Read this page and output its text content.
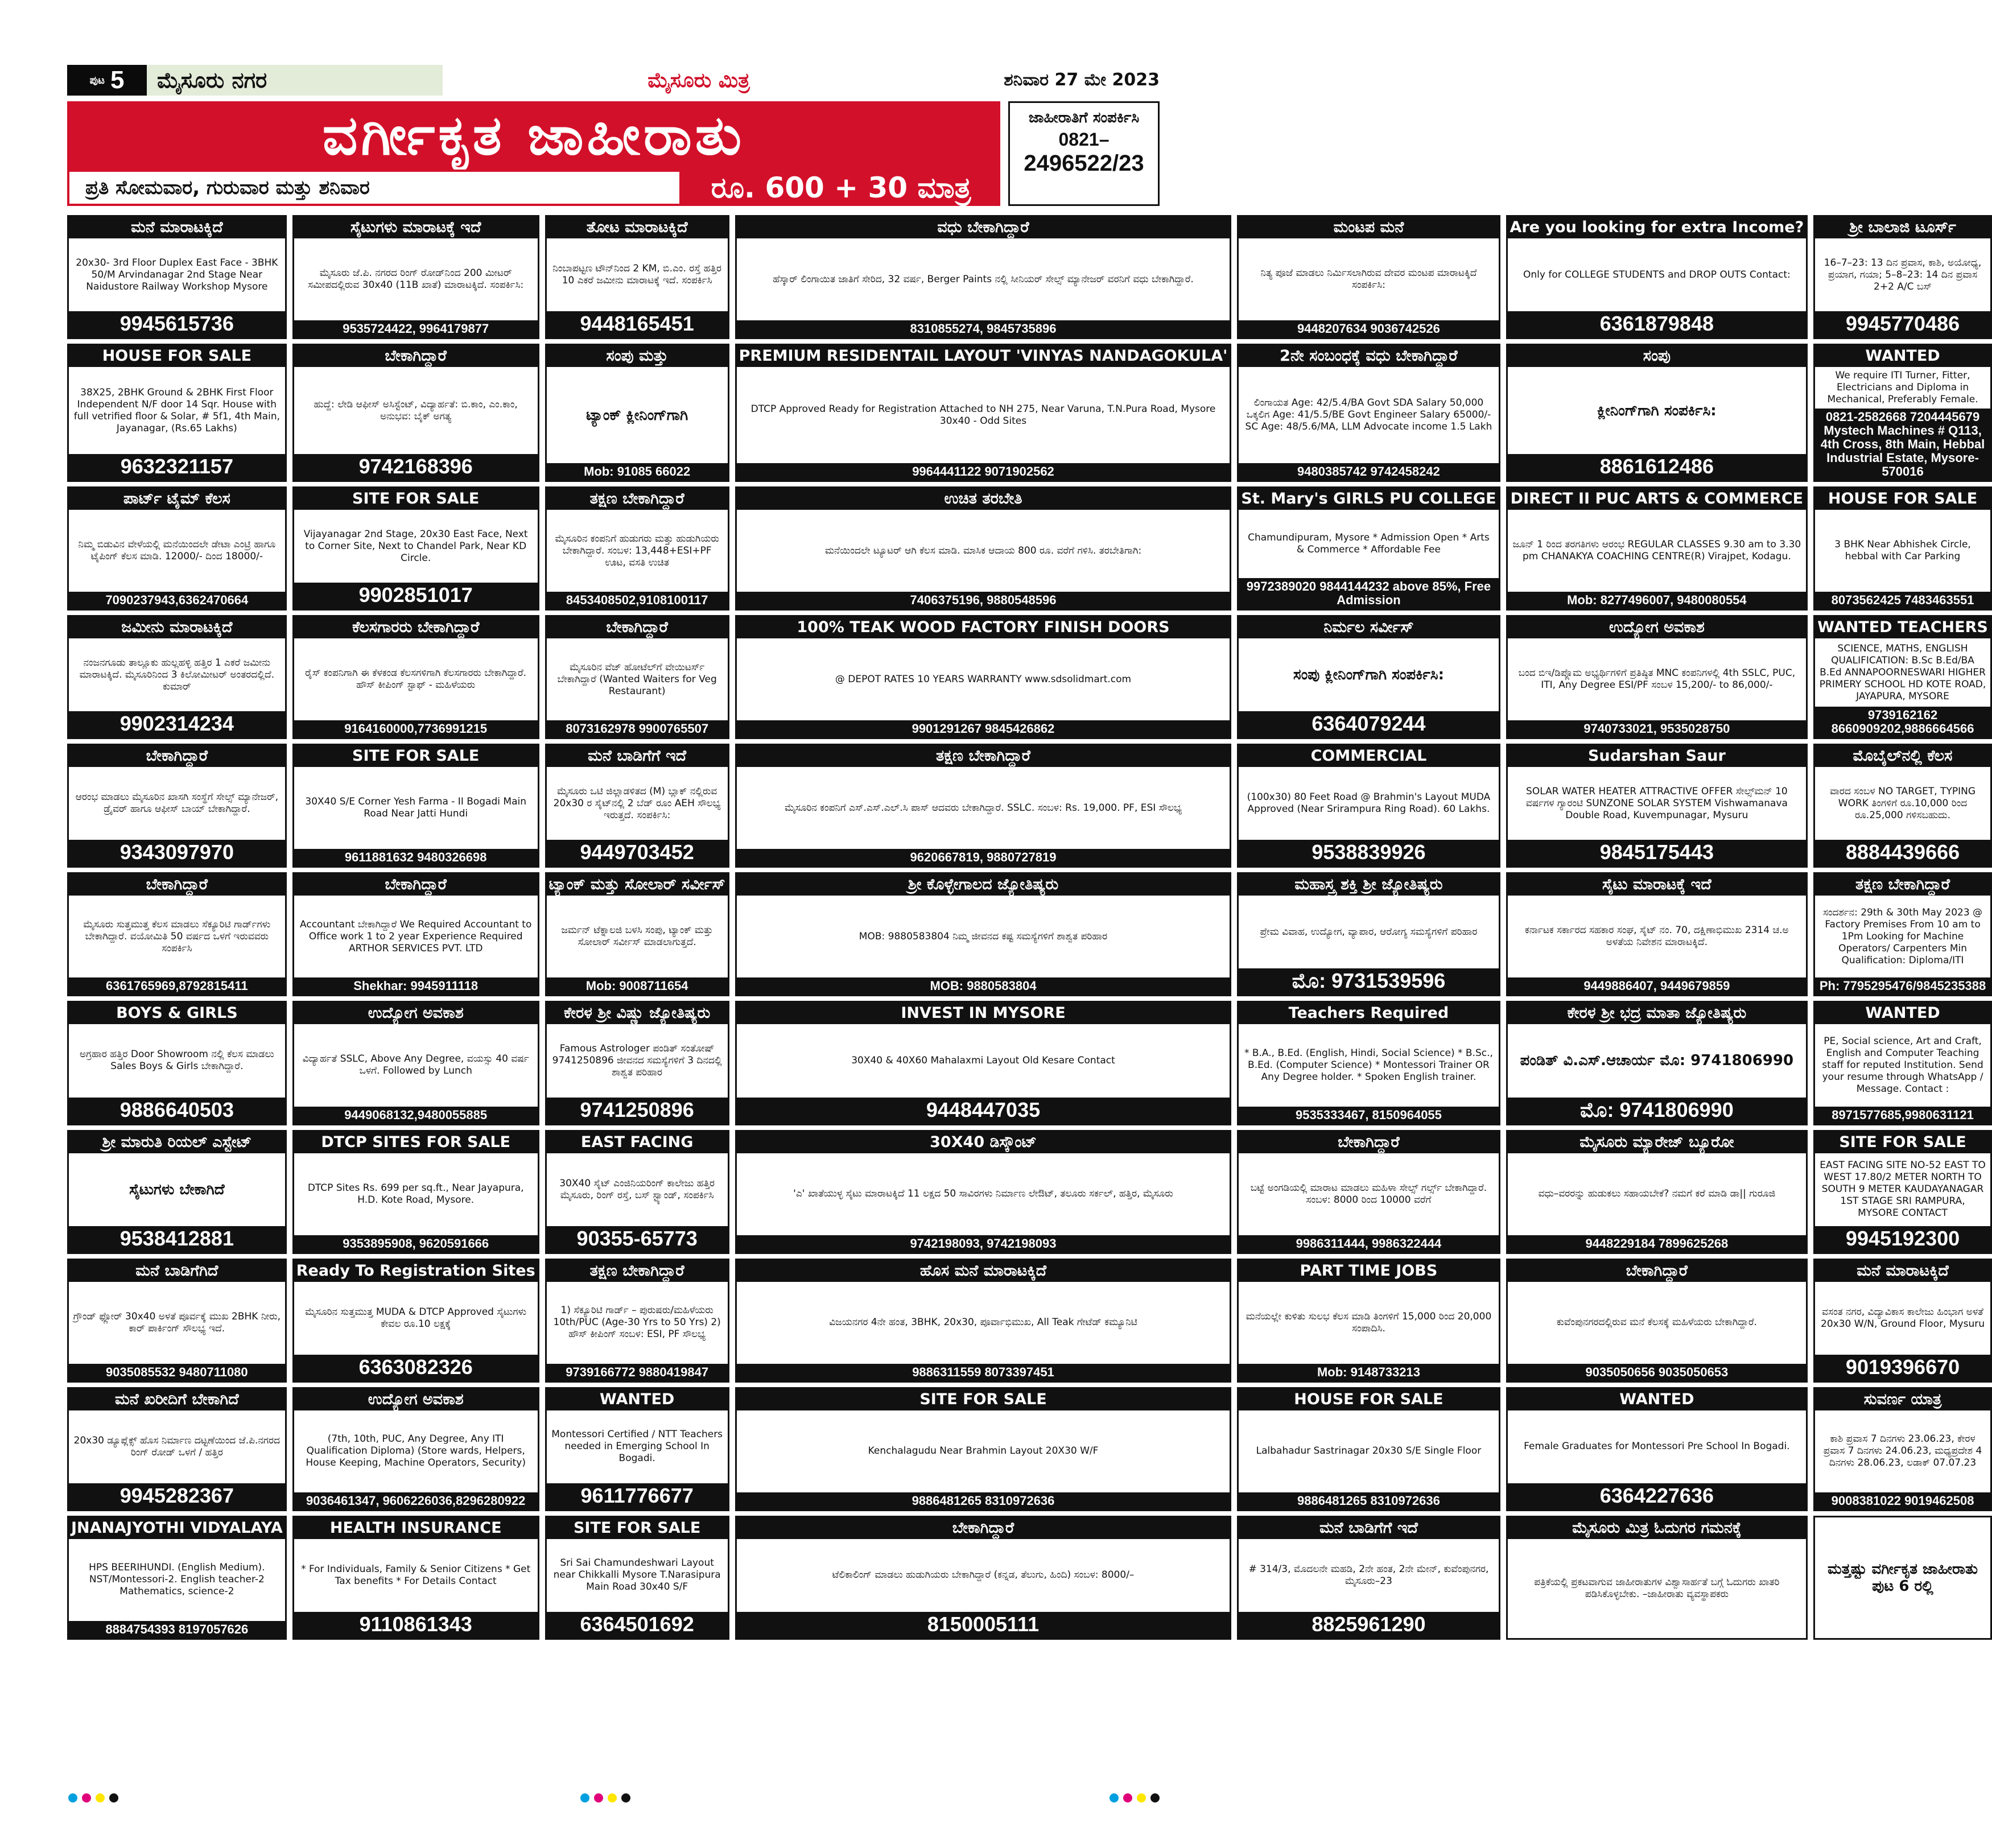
ಪುಟ 5	ಮೈಸೂರು ನಗರ	ಮೈಸೂರು ಮಿತ್ರ	ಶನಿವಾರ 27 ಮೇ 2023
ವರ್ಗೀಕೃತ ಜಾಹೀರಾತು
ಪ್ರತಿ ಸೋಮವಾರ, ಗುರುವಾರ ಮತ್ತು ಶನಿವಾರ	ರೂ. 600 + 30 ಮಾತ್ರ
ಜಾಹೀರಾತಿಗೆ ಸಂಪರ್ಕಿಸಿ
0821–
2496522/23
ಮನೆ ಮಾರಾಟಕ್ಕಿದೆ
20x30- 3rd Floor Duplex East Face - 3BHK 50/M Arvindanagar 2nd Stage Near Naidustore Railway Workshop Mysore
9945615736
ಸೈಟುಗಳು ಮಾರಾಟಕ್ಕೆ ಇದೆ
ಮೈಸೂರು ಜೆ.ಪಿ. ನಗರದ ರಿಂಗ್ ರೋಡ್‌ನಿಂದ 200 ಮೀಟರ್ ಸಮೀಪದಲ್ಲಿರುವ 30x40 (11B ಖಾತೆ) ಮಾರಾಟಕ್ಕಿದೆ. ಸಂಪರ್ಕಿಸಿ:
9535724422, 9964179877
ತೋಟ ಮಾರಾಟಕ್ಕಿದೆ
ನಿಂಬಾಪಟ್ಟಣ ಟೌನ್‌ನಿಂದ 2 KM, ಬಿ.ಎಂ. ರಸ್ತೆ ಹತ್ತಿರ 10 ಎಕರೆ ಜಮೀನು ಮಾರಾಟಕ್ಕೆ ಇದೆ. ಸಂಪರ್ಕಿಸಿ
9448165451
ವಧು ಬೇಕಾಗಿದ್ದಾರೆ
ಹೆಸ್ಕಾರ್ ಲಿಂಗಾಯಿತ ಜಾತಿಗೆ ಸೇರಿದ, 32 ವರ್ಷ, Berger Paints ನಲ್ಲಿ ಸೀನಿಯರ್ ಸೇಲ್ಸ್ ಮ್ಯಾನೇಜರ್ ವರನಿಗೆ ವಧು ಬೇಕಾಗಿದ್ದಾರೆ.
8310855274, 9845735896
ಮಂಟಪ ಮನೆ
ನಿತ್ಯ ಪೂಜೆ ಮಾಡಲು ನಿರ್ಮಿಸಲಾಗಿರುವ ದೇವರ ಮಂಟಪ ಮಾರಾಟಕ್ಕಿದೆ ಸಂಪರ್ಕಿಸಿ:
9448207634 9036742526
Are you looking for extra Income?
Only for COLLEGE STUDENTS and DROP OUTS Contact:
6361879848
ಶ್ರೀ ಬಾಲಾಜಿ ಟೂರ್ಸ್
16–7–23: 13 ದಿನ ಪ್ರವಾಸ, ಕಾಶಿ, ಅಯೋಧ್ಯ, ಪ್ರಯಾಗ, ಗಯಾ; 5–8–23: 14 ದಿನ ಪ್ರವಾಸ 2+2 A/C ಬಸ್
9945770486
HOUSE FOR SALE
38X25, 2BHK Ground & 2BHK First Floor Independent N/F door 14 Sqr. House with full vetrified floor & Solar, # 5f1, 4th Main, Jayanagar, (Rs.65 Lakhs)
9632321157
ಬೇಕಾಗಿದ್ದಾರೆ
ಹುದ್ದೆ: ಲೇಡಿ ಆಫೀಸ್ ಅಸಿಸ್ಟೆಂಟ್, ವಿದ್ಯಾರ್ಹತೆ: ಬಿ.ಕಾಂ, ಎಂ.ಕಾಂ, ಅನುಭವ: ಬೈಕ್ ಅಗತ್ಯ
9742168396
ಸಂಪು ಮತ್ತು
ಟ್ಯಾಂಕ್ ಕ್ಲೀನಿಂಗ್‌ಗಾಗಿ
Mob: 91085 66022
PREMIUM RESIDENTAIL LAYOUT 'VINYAS NANDAGOKULA'
DTCP Approved Ready for Registration Attached to NH 275, Near Varuna, T.N.Pura Road, Mysore 30x40 - Odd Sites
9964441122 9071902562
2ನೇ ಸಂಬಂಧಕ್ಕೆ ವಧು ಬೇಕಾಗಿದ್ದಾರೆ
ಲಿಂಗಾಯತ Age: 42/5.4/BA Govt SDA Salary 50,000 ಒಕ್ಕಲಿಗ Age: 41/5.5/BE Govt Engineer Salary 65000/- SC Age: 48/5.6/MA, LLM Advocate income 1.5 Lakh
9480385742 9742458242
ಸಂಪು
ಕ್ಲೀನಿಂಗ್‌ಗಾಗಿ ಸಂಪರ್ಕಿಸಿ:
8861612486
WANTED
We require ITI Turner, Fitter, Electricians and Diploma in Mechanical, Preferably Female.
0821-2582668 7204445679 Mystech Machines # Q113, 4th Cross, 8th Main, Hebbal Industrial Estate, Mysore-570016
ಪಾರ್ಟ್ ಟೈಮ್ ಕೆಲಸ
ನಿಮ್ಮ ಬಿಡುವಿನ ವೇಳೆಯಲ್ಲಿ ಮನೆಯಿಂದಲೇ ಡೇಟಾ ಎಂಟ್ರಿ ಹಾಗೂ ಟೈಪಿಂಗ್ ಕೆಲಸ ಮಾಡಿ. 12000/- ದಿಂದ 18000/-
7090237943,6362470664
SITE FOR SALE
Vijayanagar 2nd Stage, 20x30 East Face, Next to Corner Site, Next to Chandel Park, Near KD Circle.
9902851017
ತಕ್ಷಣ ಬೇಕಾಗಿದ್ದಾರೆ
ಮೈಸೂರಿನ ಕಂಪನಿಗೆ ಹುಡುಗರು ಮತ್ತು ಹುಡುಗಿಯರು ಬೇಕಾಗಿದ್ದಾರೆ. ಸಂಬಳ: 13,448+ESI+PF ಊಟ, ವಸತಿ ಉಚಿತ
8453408502,9108100117
ಉಚಿತ ತರಬೇತಿ
ಮನೆಯಿಂದಲೇ ಟ್ಯೂಟರ್ ಆಗಿ ಕೆಲಸ ಮಾಡಿ. ಮಾಸಿಕ ಆದಾಯ 800 ರೂ. ವರೆಗೆ ಗಳಿಸಿ. ತರಬೇತಿಗಾಗಿ:
7406375196, 9880548596
St. Mary's GIRLS PU COLLEGE
Chamundipuram, Mysore * Admission Open * Arts & Commerce * Affordable Fee
9972389020 9844144232 above 85%, Free Admission
DIRECT II PUC ARTS & COMMERCE
ಜೂನ್ 1 ರಿಂದ ತರಗತಿಗಳು ಆರಂಭ REGULAR CLASSES 9.30 am to 3.30 pm CHANAKYA COACHING CENTRE(R) Virajpet, Kodagu.
Mob: 8277496007, 9480080554
HOUSE FOR SALE
3 BHK Near Abhishek Circle, hebbal with Car Parking
8073562425 7483463551
ಜಮೀನು ಮಾರಾಟಕ್ಕಿದೆ
ನಂಜನಗೂಡು ತಾಲ್ಲೂಕು ಹುಲ್ಲಹಳ್ಳಿ ಹತ್ತಿರ 1 ಎಕರೆ ಜಮೀನು ಮಾರಾಟಕ್ಕಿದೆ. ಮೈಸೂರಿನಿಂದ 3 ಕಿಲೋಮೀಟರ್ ಅಂತರದಲ್ಲಿದೆ. ಕುಮಾರ್
9902314234
ಕೆಲಸಗಾರರು ಬೇಕಾಗಿದ್ದಾರೆ
ರೈಸ್ ಕಂಪನಿಗಾಗಿ ಈ ಕೆಳಕಂಡ ಕೆಲಸಗಳಿಗಾಗಿ ಕೆಲಸಗಾರರು ಬೇಕಾಗಿದ್ದಾರೆ. ಹೌಸ್ ಕೀಪಿಂಗ್ ಸ್ಟಾಫ್ - ಮಹಿಳೆಯರು
9164160000,7736991215
ಬೇಕಾಗಿದ್ದಾರೆ
ಮೈಸೂರಿನ ವೆಜ್ ಹೋಟೆಲ್‌ಗೆ ವೇಯಿಟರ್ಸ್ ಬೇಕಾಗಿದ್ದಾರೆ (Wanted Waiters for Veg Restaurant)
8073162978 9900765507
100% TEAK WOOD FACTORY FINISH DOORS
@ DEPOT RATES 10 YEARS WARRANTY www.sdsolidmart.com
9901291267 9845426862
ನಿರ್ಮಲ ಸರ್ವೀಸ್
ಸಂಪು ಕ್ಲೀನಿಂಗ್‌ಗಾಗಿ ಸಂಪರ್ಕಿಸಿ:
6364079244
ಉದ್ಯೋಗ ಅವಕಾಶ
ಬಂದ ಬಿಇ/ಡಿಪ್ಲೊಮ ಅಭ್ಯರ್ಥಿಗಳಿಗೆ ಪ್ರತಿಷ್ಠಿತ MNC ಕಂಪನಿಗಳಲ್ಲಿ 4th SSLC, PUC, ITI, Any Degree ESI/PF ಸಂಬಳ 15,200/- to 86,000/-
9740733021, 9535028750
WANTED TEACHERS
SCIENCE, MATHS, ENGLISH QUALIFICATION: B.Sc B.Ed/BA B.Ed ANNAPOORNESWARI HIGHER PRIMERY SCHOOL HD KOTE ROAD, JAYAPURA, MYSORE
9739162162 8660909202,9886664566
ಬೇಕಾಗಿದ್ದಾರೆ
ಆರಂಭ ಮಾಡಲು ಮೈಸೂರಿನ ಖಾಸಗಿ ಸಂಸ್ಥೆಗೆ ಸೇಲ್ಸ್ ಮ್ಯಾನೇಜರ್, ಡ್ರೈವರ್ ಹಾಗೂ ಆಫೀಸ್ ಬಾಯ್ ಬೇಕಾಗಿದ್ದಾರೆ.
9343097970
SITE FOR SALE
30X40 S/E Corner Yesh Farma - II Bogadi Main Road Near Jatti Hundi
9611881632 9480326698
ಮನೆ ಬಾಡಿಗೆಗೆ ಇದೆ
ಮೈಸೂರು ಒಟಿ ಜಿಲ್ಲಾಡಳಿತದ (M) ಬ್ಲಾಕ್ ನಲ್ಲಿರುವ 20x30 ರ ಸೈಟ್‌ನಲ್ಲಿ 2 ಬೆಡ್ ರೂಂ AEH ಸೌಲಭ್ಯ ಇರುತ್ತದೆ. ಸಂಪರ್ಕಿಸಿ:
9449703452
ತಕ್ಷಣ ಬೇಕಾಗಿದ್ದಾರೆ
ಮೈಸೂರಿನ ಕಂಪನಿಗೆ ಎಸ್.ಎಸ್.ಎಲ್.ಸಿ ಪಾಸ್ ಆದವರು ಬೇಕಾಗಿದ್ದಾರೆ. SSLC. ಸಂಬಳ: Rs. 19,000. PF, ESI ಸೌಲಭ್ಯ
9620667819, 9880727819
COMMERCIAL
(100x30) 80 Feet Road @ Brahmin's Layout MUDA Approved (Near Srirampura Ring Road). 60 Lakhs.
9538839926
Sudarshan Saur
SOLAR WATER HEATER ATTRACTIVE OFFER ಸೇಲ್ಸ್‌ಮನ್ 10 ವರ್ಷಗಳ ಗ್ಯಾರಂಟಿ SUNZONE SOLAR SYSTEM Vishwamanava Double Road, Kuvempunagar, Mysuru
9845175443
ಮೊಬೈಲ್‌ನಲ್ಲಿ ಕೆಲಸ
ವಾರದ ಸಂಬಳ NO TARGET, TYPING WORK ತಿಂಗಳಿಗೆ ರೂ.10,000 ರಿಂದ ರೂ.25,000 ಗಳಿಸಬಹುದು.
8884439666
ಬೇಕಾಗಿದ್ದಾರೆ
ಮೈಸೂರು ಸುತ್ತಮುತ್ತ ಕೆಲಸ ಮಾಡಲು ಸೆಕ್ಯೂರಿಟಿ ಗಾರ್ಡ್‌ಗಳು ಬೇಕಾಗಿದ್ದಾರೆ. ವಯೋಮಿತಿ 50 ವರ್ಷದ ಒಳಗೆ ಇರುವವರು ಸಂಪರ್ಕಿಸಿ
6361765969,8792815411
ಬೇಕಾಗಿದ್ದಾರೆ
Accountant ಬೇಕಾಗಿದ್ದಾರೆ We Required Accountant to Office work 1 to 2 year Experience Required ARTHOR SERVICES PVT. LTD
Shekhar: 9945911118
ಟ್ಯಾಂಕ್ ಮತ್ತು ಸೋಲಾರ್ ಸರ್ವೀಸ್
ಜರ್ಮನ್ ಟೆಕ್ನಾಲಜಿ ಬಳಸಿ ಸಂಪು, ಟ್ಯಾಂಕ್ ಮತ್ತು ಸೋಲಾರ್ ಸರ್ವೀಸ್ ಮಾಡಲಾಗುತ್ತದೆ.
Mob: 9008711654
ಶ್ರೀ ಕೊಳ್ಳೇಗಾಲದ ಜ್ಯೋತಿಷ್ಯರು
MOB: 9880583804 ನಿಮ್ಮ ಜೀವನದ ಕಷ್ಟ ಸಮಸ್ಯೆಗಳಿಗೆ ಶಾಶ್ವತ ಪರಿಹಾರ
MOB: 9880583804
ಮಹಾಸ್ತ್ರ ಶಕ್ತಿ ಶ್ರೀ ಜ್ಯೋತಿಷ್ಯರು
ಪ್ರೇಮ ವಿವಾಹ, ಉದ್ಯೋಗ, ವ್ಯಾಪಾರ, ಆರೋಗ್ಯ ಸಮಸ್ಯೆಗಳಿಗೆ ಪರಿಹಾರ
ಮೊ: 9731539596
ಸೈಟು ಮಾರಾಟಕ್ಕೆ ಇದೆ
ಕರ್ನಾಟಕ ಸರ್ಕಾರದ ಸಹಕಾರ ಸಂಘ, ಸೈಟ್ ನಂ. 70, ದಕ್ಷಿಣಾಭಿಮುಖ 2314 ಚ.ಅ ಅಳತೆಯ ನಿವೇಶನ ಮಾರಾಟಕ್ಕಿದೆ.
9449886407, 9449679859
ತಕ್ಷಣ ಬೇಕಾಗಿದ್ದಾರೆ
ಸಂದರ್ಶನ: 29th & 30th May 2023 @ Factory Premises From 10 am to 1Pm Looking for Machine Operators/ Carpenters Min Qualification: Diploma/ITI
Ph: 7795295476/9845235388
BOYS & GIRLS
ಅಗ್ರಹಾರ ಹತ್ತಿರ Door Showroom ನಲ್ಲಿ ಕೆಲಸ ಮಾಡಲು Sales Boys & Girls ಬೇಕಾಗಿದ್ದಾರೆ.
9886640503
ಉದ್ಯೋಗ ಅವಕಾಶ
ವಿದ್ಯಾರ್ಹತೆ SSLC, Above Any Degree, ವಯಸ್ಸು 40 ವರ್ಷ ಒಳಗೆ. Followed by Lunch
9449068132,9480055885
ಕೇರಳ ಶ್ರೀ ವಿಷ್ಣು ಜ್ಯೋತಿಷ್ಯರು
Famous Astrologer ಪಂಡಿತ್ ಸಂತೋಷ್ 9741250896 ಜೀವನದ ಸಮಸ್ಯೆಗಳಿಗೆ 3 ದಿನದಲ್ಲಿ ಶಾಶ್ವತ ಪರಿಹಾರ
9741250896
INVEST IN MYSORE
30X40 & 40X60 Mahalaxmi Layout Old Kesare Contact
9448447035
Teachers Required
* B.A., B.Ed. (English, Hindi, Social Science) * B.Sc., B.Ed. (Computer Science) * Montessori Trainer OR Any Degree holder. * Spoken English trainer.
9535333467, 8150964055
ಕೇರಳ ಶ್ರೀ ಭದ್ರ ಮಾತಾ ಜ್ಯೋತಿಷ್ಯರು
ಪಂಡಿತ್ ವಿ.ಎಸ್.ಆಚಾರ್ಯ ಮೊ: 9741806990
ಮೊ: 9741806990
WANTED
PE, Social science, Art and Craft, English and Computer Teaching staff for reputed Institution. Send your resume through WhatsApp / Message. Contact :
8971577685,9980631121
ಶ್ರೀ ಮಾರುತಿ ರಿಯಲ್ ಎಸ್ಟೇಟ್
ಸೈಟುಗಳು ಬೇಕಾಗಿದೆ
9538412881
DTCP SITES FOR SALE
DTCP Sites Rs. 699 per sq.ft., Near Jayapura, H.D. Kote Road, Mysore.
9353895908, 9620591666
EAST FACING
30X40 ಸೈಟ್ ಎಂಜಿನಿಯರಿಂಗ್ ಕಾಲೇಜು ಹತ್ತಿರ ಮೈಸೂರು, ರಿಂಗ್ ರಸ್ತೆ, ಬಸ್ ಸ್ಟ್ಯಾಂಡ್, ಸಂಪರ್ಕಿಸಿ
90355-65773
30X40 ಡಿಸ್ಕೌಂಟ್
'ಎ' ಖಾತೆಯುಳ್ಳ ಸೈಟು ಮಾರಾಟಕ್ಕಿದೆ 11 ಲಕ್ಷದ 50 ಸಾವಿರಗಳು ನಿರ್ಮಾಣ ಲೇಔಟ್, ತಲೂರು ಸರ್ಕಲ್, ಹತ್ತಿರ, ಮೈಸೂರು
9742198093, 9742198093
ಬೇಕಾಗಿದ್ದಾರೆ
ಬಟ್ಟೆ ಅಂಗಡಿಯಲ್ಲಿ ಮಾರಾಟ ಮಾಡಲು ಮಹಿಳಾ ಸೇಲ್ಸ್ ಗರ್ಲ್ಸ್ ಬೇಕಾಗಿದ್ದಾರೆ. ಸಂಬಳ: 8000 ರಿಂದ 10000 ವರೆಗೆ
9986311444, 9986322444
ಮೈಸೂರು ಮ್ಯಾರೇಜ್ ಬ್ಯೂರೋ
ವಧು–ವರರನ್ನು ಹುಡುಕಲು ಸಹಾಯಬೇಕೆ? ನಮಗೆ ಕರೆ ಮಾಡಿ ಡಾ|| ಗುರೂಜಿ
9448229184 7899625268
SITE FOR SALE
EAST FACING SITE NO-52 EAST TO WEST 17.80/2 METER NORTH TO SOUTH 9 METER KAUDAYANAGAR 1ST STAGE SRI RAMPURA, MYSORE CONTACT
9945192300
ಮನೆ ಬಾಡಿಗೆಗಿದೆ
ಗ್ರೌಂಡ್ ಫ್ಲೋರ್ 30x40 ಅಳತೆ ಪೂರ್ವಕ್ಕೆ ಮುಖ 2BHK ನೀರು, ಕಾರ್ ಪಾರ್ಕಿಂಗ್ ಸೌಲಭ್ಯ ಇದೆ.
9035085532 9480711080
Ready To Registration Sites
ಮೈಸೂರಿನ ಸುತ್ತಮುತ್ತ MUDA & DTCP Approved ಸೈಟುಗಳು ಕೇವಲ ರೂ.10 ಲಕ್ಷಕ್ಕೆ
6363082326
ತಕ್ಷಣ ಬೇಕಾಗಿದ್ದಾರೆ
1) ಸೆಕ್ಯೂರಿಟಿ ಗಾರ್ಡ್ – ಪುರುಷರು/ಮಹಿಳೆಯರು 10th/PUC (Age-30 Yrs to 50 Yrs) 2) ಹೌಸ್ ಕೀಪಿಂಗ್ ಸಂಬಳ: ESI, PF ಸೌಲಭ್ಯ
9739166772 9880419847
ಹೊಸ ಮನೆ ಮಾರಾಟಕ್ಕಿದೆ
ವಿಜಯನಗರ 4ನೇ ಹಂತ, 3BHK, 20x30, ಪೂರ್ವಾಭಿಮುಖ, All Teak ಗೇಟೆಡ್ ಕಮ್ಯೂನಿಟಿ
9886311559 8073397451
PART TIME JOBS
ಮನೆಯಲ್ಲೇ ಕುಳಿತು ಸುಲಭ ಕೆಲಸ ಮಾಡಿ ತಿಂಗಳಿಗೆ 15,000 ರಿಂದ 20,000 ಸಂಪಾದಿಸಿ.
Mob: 9148733213
ಬೇಕಾಗಿದ್ದಾರೆ
ಕುವೆಂಪುನಗರದಲ್ಲಿರುವ ಮನೆ ಕೆಲಸಕ್ಕೆ ಮಹಿಳೆಯರು ಬೇಕಾಗಿದ್ದಾರೆ.
9035050656 9035050653
ಮನೆ ಮಾರಾಟಕ್ಕಿದೆ
ವಸಂತ ನಗರ, ವಿದ್ಯಾವಿಕಾಸ ಕಾಲೇಜು ಹಿಂಭಾಗ ಅಳತೆ 20x30 W/N, Ground Floor, Mysuru
9019396670
ಮನೆ ಖರೀದಿಗೆ ಬೇಕಾಗಿದೆ
20x30 ಡ್ಯೂಪ್ಲೆಕ್ಸ್ ಹೊಸ ನಿರ್ಮಾಣ ದಟ್ಟಣೆಯಿಂದ ಜೆ.ಪಿ.ನಗರದ ರಿಂಗ್ ರೋಡ್ ಒಳಗೆ / ಹತ್ತಿರ
9945282367
ಉದ್ಯೋಗ ಅವಕಾಶ
(7th, 10th, PUC, Any Degree, Any ITI Qualification Diploma) (Store wards, Helpers, House Keeping, Machine Operators, Security)
9036461347, 9606226036,8296280922
WANTED
Montessori Certified / NTT Teachers needed in Emerging School In Bogadi.
9611776677
SITE FOR SALE
Kenchalagudu Near Brahmin Layout 20X30 W/F
9886481265 8310972636
HOUSE FOR SALE
Lalbahadur Sastrinagar 20x30 S/E Single Floor
9886481265 8310972636
WANTED
Female Graduates for Montessori Pre School In Bogadi.
6364227636
ಸುವರ್ಣ ಯಾತ್ರ
ಕಾಶಿ ಪ್ರವಾಸ 7 ದಿನಗಳು 23.06.23, ಕೇರಳ ಪ್ರವಾಸ 7 ದಿನಗಳು 24.06.23, ಮಧ್ಯಪ್ರದೇಶ 4 ದಿನಗಳು 28.06.23, ಲಡಾಕ್ 07.07.23
9008381022 9019462508
JNANAJYOTHI VIDYALAYA
HPS BEERIHUNDI. (English Medium). NST/Montessori-2. English teacher-2 Mathematics, science-2
8884754393 8197057626
HEALTH INSURANCE
* For Individuals, Family & Senior Citizens * Get Tax benefits * For Details Contact
9110861343
SITE FOR SALE
Sri Sai Chamundeshwari Layout near Chikkalli Mysore T.Narasipura Main Road 30x40 S/F
6364501692
ಬೇಕಾಗಿದ್ದಾರೆ
ಟೆಲಿಕಾಲಿಂಗ್ ಮಾಡಲು ಹುಡುಗಿಯರು ಬೇಕಾಗಿದ್ದಾರೆ (ಕನ್ನಡ, ತೆಲುಗು, ಹಿಂದಿ) ಸಂಬಳ: 8000/–
8150005111
ಮನೆ ಬಾಡಿಗೆಗೆ ಇದೆ
# 314/3, ಮೊದಲನೇ ಮಹಡಿ, 2ನೇ ಹಂತ, 2ನೇ ಮೇನ್, ಕುವೆಂಪುನಗರ, ಮೈಸೂರು–23
8825961290
ಮೈಸೂರು ಮಿತ್ರ ಓದುಗರ ಗಮನಕ್ಕೆ
ಪತ್ರಿಕೆಯಲ್ಲಿ ಪ್ರಕಟವಾಗುವ ಜಾಹೀರಾತುಗಳ ವಿಶ್ವಾಸಾರ್ಹತೆ ಬಗ್ಗೆ ಓದುಗರು ಖಾತರಿ ಪಡಿಸಿಕೊಳ್ಳಬೇಕು. –ಜಾಹೀರಾತು ವ್ಯವಸ್ಥಾಪಕರು
ಮತ್ತಷ್ಟು ವರ್ಗೀಕೃತ ಜಾಹೀರಾತು ಪುಟ 6 ರಲ್ಲಿ
